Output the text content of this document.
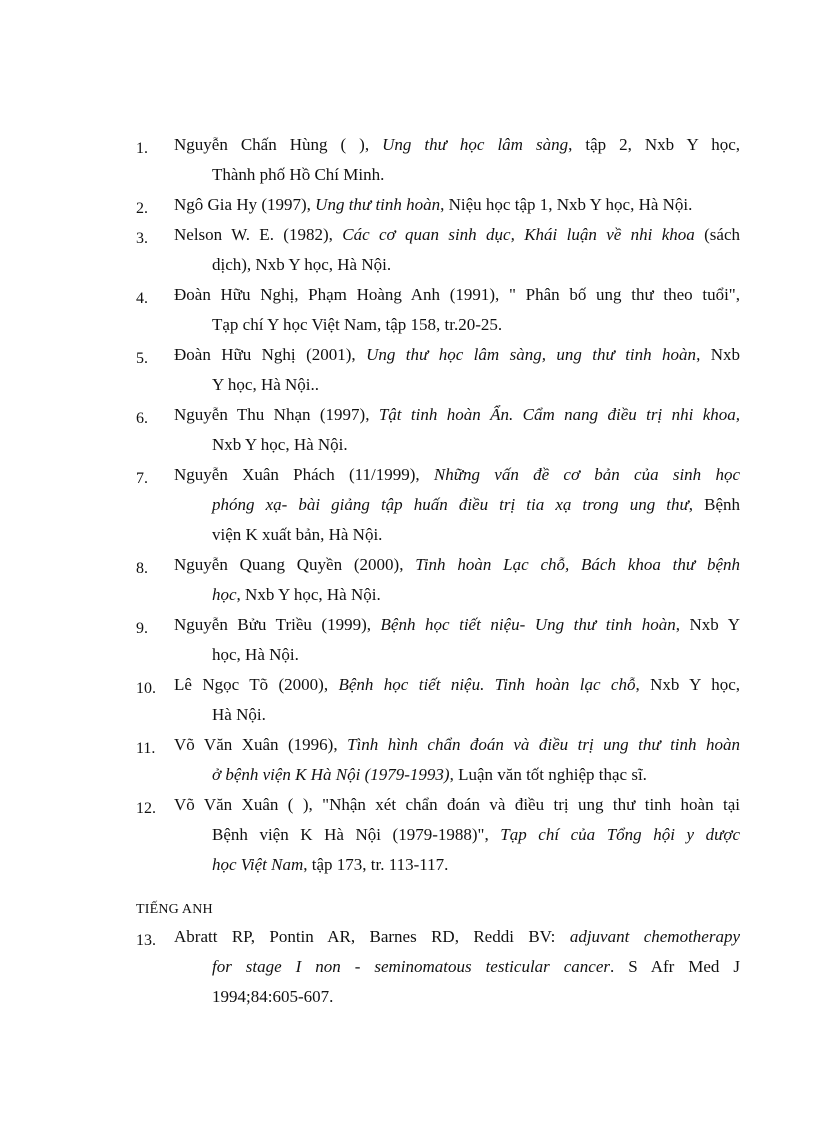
1. Nguyễn Chấn Hùng ( ), Ung thư học lâm sàng, tập 2, Nxb Y học,
Thành phố Hồ Chí Minh.
2. Ngô Gia Hy (1997), Ung thư tinh hoàn, Niệu học tập 1, Nxb Y học, Hà Nội.
3. Nelson W. E. (1982), Các cơ quan sinh dục, Khái luận về nhi khoa (sách
dịch), Nxb Y học, Hà Nội.
4. Đoàn Hữu Nghị, Phạm Hoàng Anh (1991), " Phân bố ung thư theo tuổi",
Tạp chí Y học Việt Nam, tập 158, tr.20-25.
5. Đoàn Hữu Nghị (2001), Ung thư học lâm sàng, ung thư tinh hoàn, Nxb
Y học, Hà Nội..
6. Nguyễn Thu Nhạn (1997), Tật tinh hoàn Ẩn. Cẩm nang điều trị nhi khoa,
Nxb Y học, Hà Nội.
7. Nguyễn Xuân Phách (11/1999), Những vấn đề cơ bản của sinh học
phóng xạ- bài giảng tập huấn điều trị tia xạ trong ung thư, Bệnh
viện K xuất bản, Hà Nội.
8. Nguyễn Quang Quyền (2000), Tinh hoàn Lạc chỗ, Bách khoa thư bệnh
học, Nxb Y học, Hà Nội.
9. Nguyễn Bửu Triều (1999), Bệnh học tiết niệu- Ung thư tinh hoàn, Nxb Y
học, Hà Nội.
10. Lê Ngọc Tõ (2000), Bệnh học tiết niệu. Tinh hoàn lạc chỗ, Nxb Y học,
Hà Nội.
11. Võ Văn Xuân (1996), Tình hình chẩn đoán và điều trị ung thư tinh hoàn
ở bệnh viện K Hà Nội (1979-1993), Luận văn tốt nghiệp thạc sĩ.
12. Võ Văn Xuân ( ), "Nhận xét chẩn đoán và điều trị ung thư tinh hoàn tại
Bệnh viện K Hà Nội (1979-1988)", Tạp chí của Tổng hội y dược
học Việt Nam, tập 173, tr. 113-117.
TIẾNG ANH
13. Abratt RP, Pontin AR, Barnes RD, Reddi BV: adjuvant chemotherapy
for stage I non - seminomatous testicular cancer. S Afr Med J
1994;84:605-607.
